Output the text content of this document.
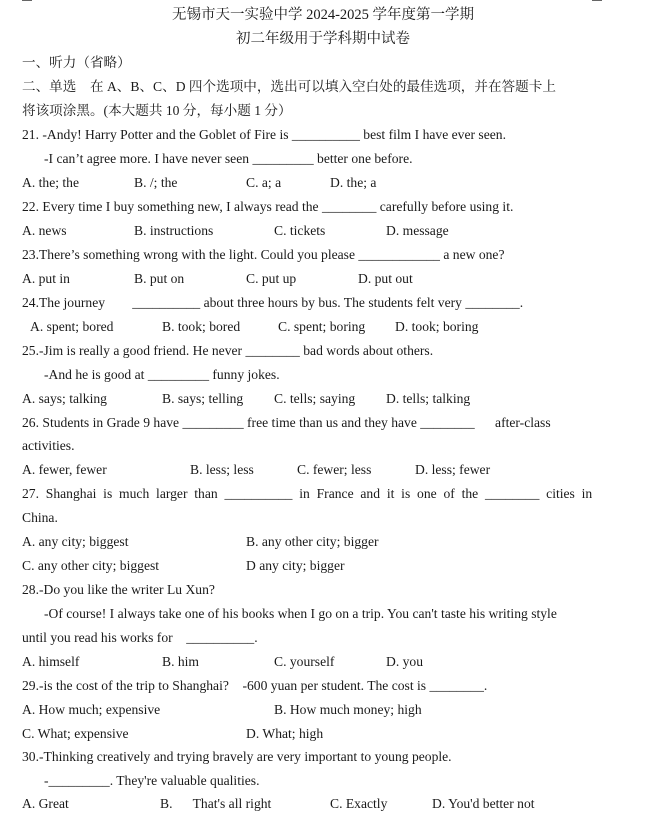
无锡市天一实验中学 2024-2025 学年度第一学期
初二年级用于学科期中试卷
一、听力（省略）
二、单选    在 A、B、C、D 四个选项中，选出可以填入空白处的最佳选项，并在答题卡上
将该项涂黑。(本大题共 10 分，每小题 1 分）
21. -Andy! Harry Potter and the Goblet of Fire is __________ best film I have ever seen.
-I can’t agree more. I have never seen _________ better one before.
A. the; the	B. /; the	C. a; a	D. the; a
22. Every time I buy something new, I always read the ________ carefully before using it.
A. news	B. instructions	C. tickets	D. message
23.There’s something wrong with the light. Could you please ____________ a new one?
A. put in	B. put on	C. put up	D. put out
24.The journey        __________ about three hours by bus. The students felt very ________.
A. spent; bored	B. took; bored	C. spent; boring D. took; boring
25.-Jim is really a good friend. He never ________ bad words about others.
-And he is good at _________ funny jokes.
A. says; talking	B. says; telling C. tells; saying D. tells; talking
26. Students in Grade 9 have _________ free time than us and they have ________      after-class
activities.
A. fewer, fewer	B. less; less	C. fewer; less	D. less; fewer
27.  Shanghai  is  much  larger  than  __________  in  France  and  it  is  one  of  the  ________  cities  in
China.
A. any city; biggest	B. any other city; bigger
C. any other city; biggest	D any city; bigger
28.-Do you like the writer Lu Xun?
-Of course! I always take one of his books when I go on a trip. You can't taste his writing style
until you read his works for    __________.
A. himself	B. him	C. yourself	D. you
29.-is the cost of the trip to Shanghai?    -600 yuan per student. The cost is ________.
A. How much; expensive	B. How much money; high
C. What; expensive	D. What; high
30.-Thinking creatively and trying bravely are very important to young people.
-_________. They're valuable qualities.
A. Great	B.      That's all right	C. Exactly	D. You'd better not
